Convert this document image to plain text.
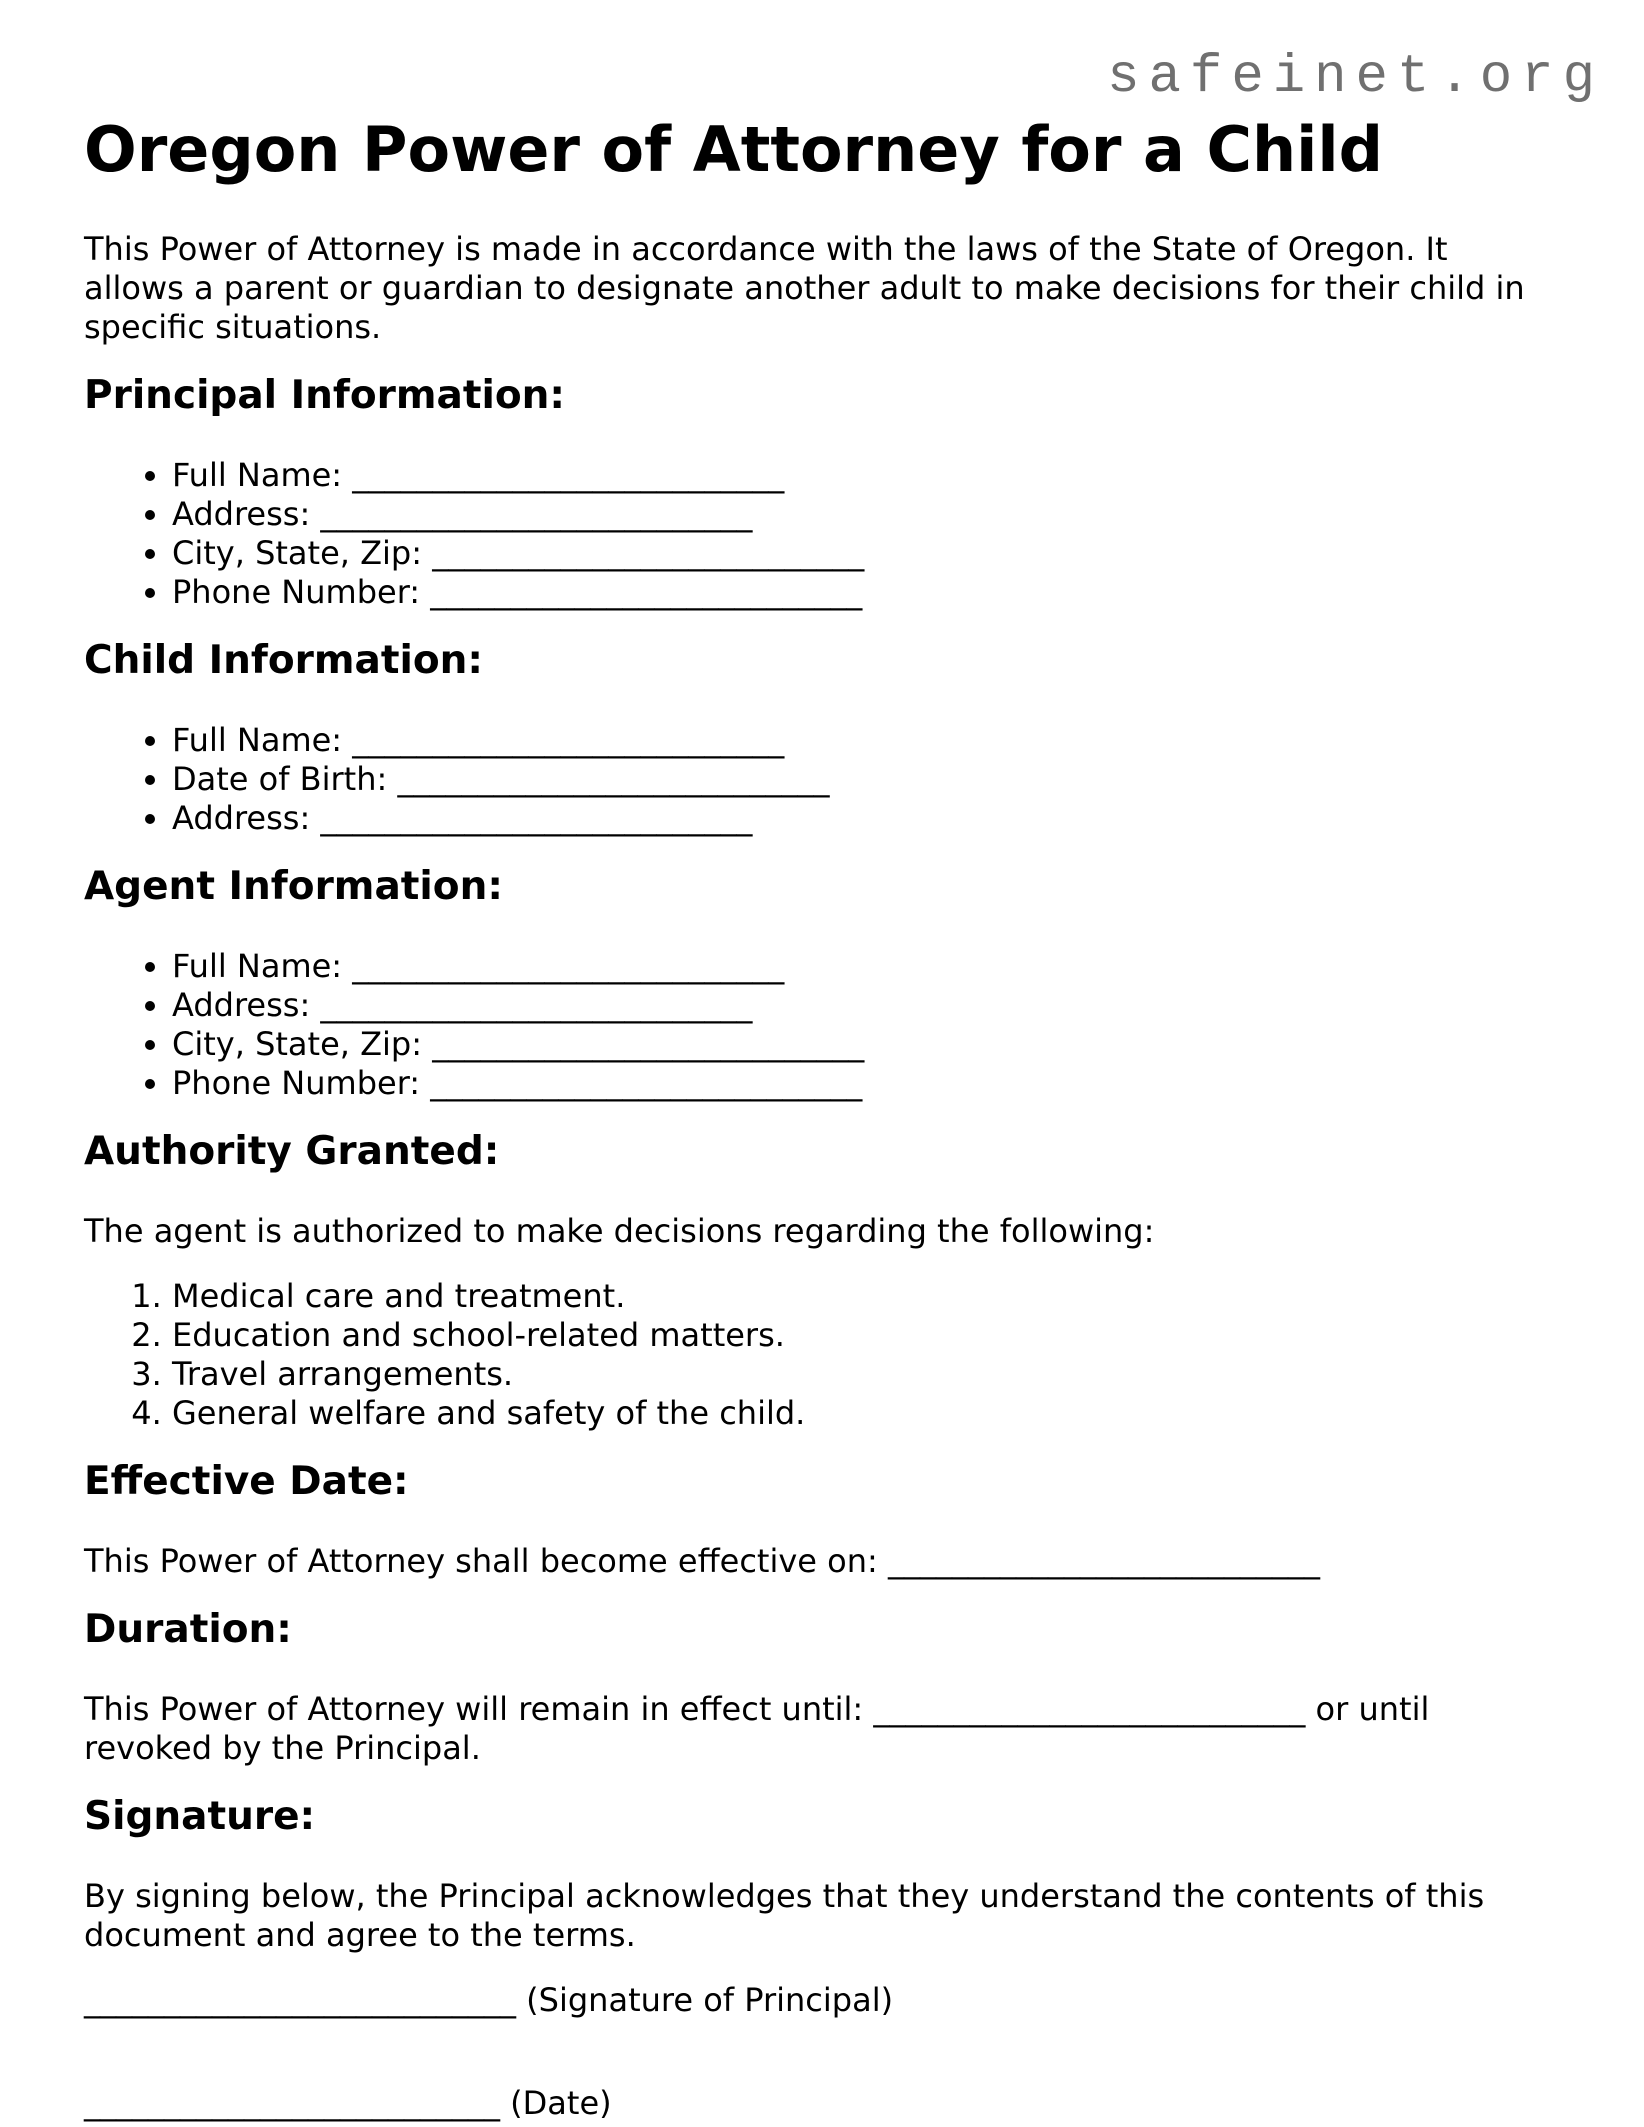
safeinet.org
Oregon Power of Attorney for a Child

This Power of Attorney is made in accordance with the laws of the State of Oregon. It
allows a parent or guardian to designate another adult to make decisions for their child in
specific situations.

Principal Information:
• Full Name: ___________________________
• Address: ___________________________
• City, State, Zip: ___________________________
• Phone Number: ___________________________
Child Information:
• Full Name: ___________________________
• Date of Birth: ___________________________
• Address: ___________________________
Agent Information:
• Full Name: ___________________________
• Address: ___________________________
• City, State, Zip: ___________________________
• Phone Number: ___________________________
Authority Granted:

The agent is authorized to make decisions regarding the following:

1. Medical care and treatment.
2. Education and school-related matters.
3. Travel arrangements.
4. General welfare and safety of the child.
Effective Date:

This Power of Attorney shall become effective on: ___________________________

Duration:

This Power of Attorney will remain in effect until: ___________________________ or until
revoked by the Principal.

Signature:

By signing below, the Principal acknowledges that they understand the contents of this
document and agree to the terms.

___________________________ (Signature of Principal)

__________________________ (Date)
